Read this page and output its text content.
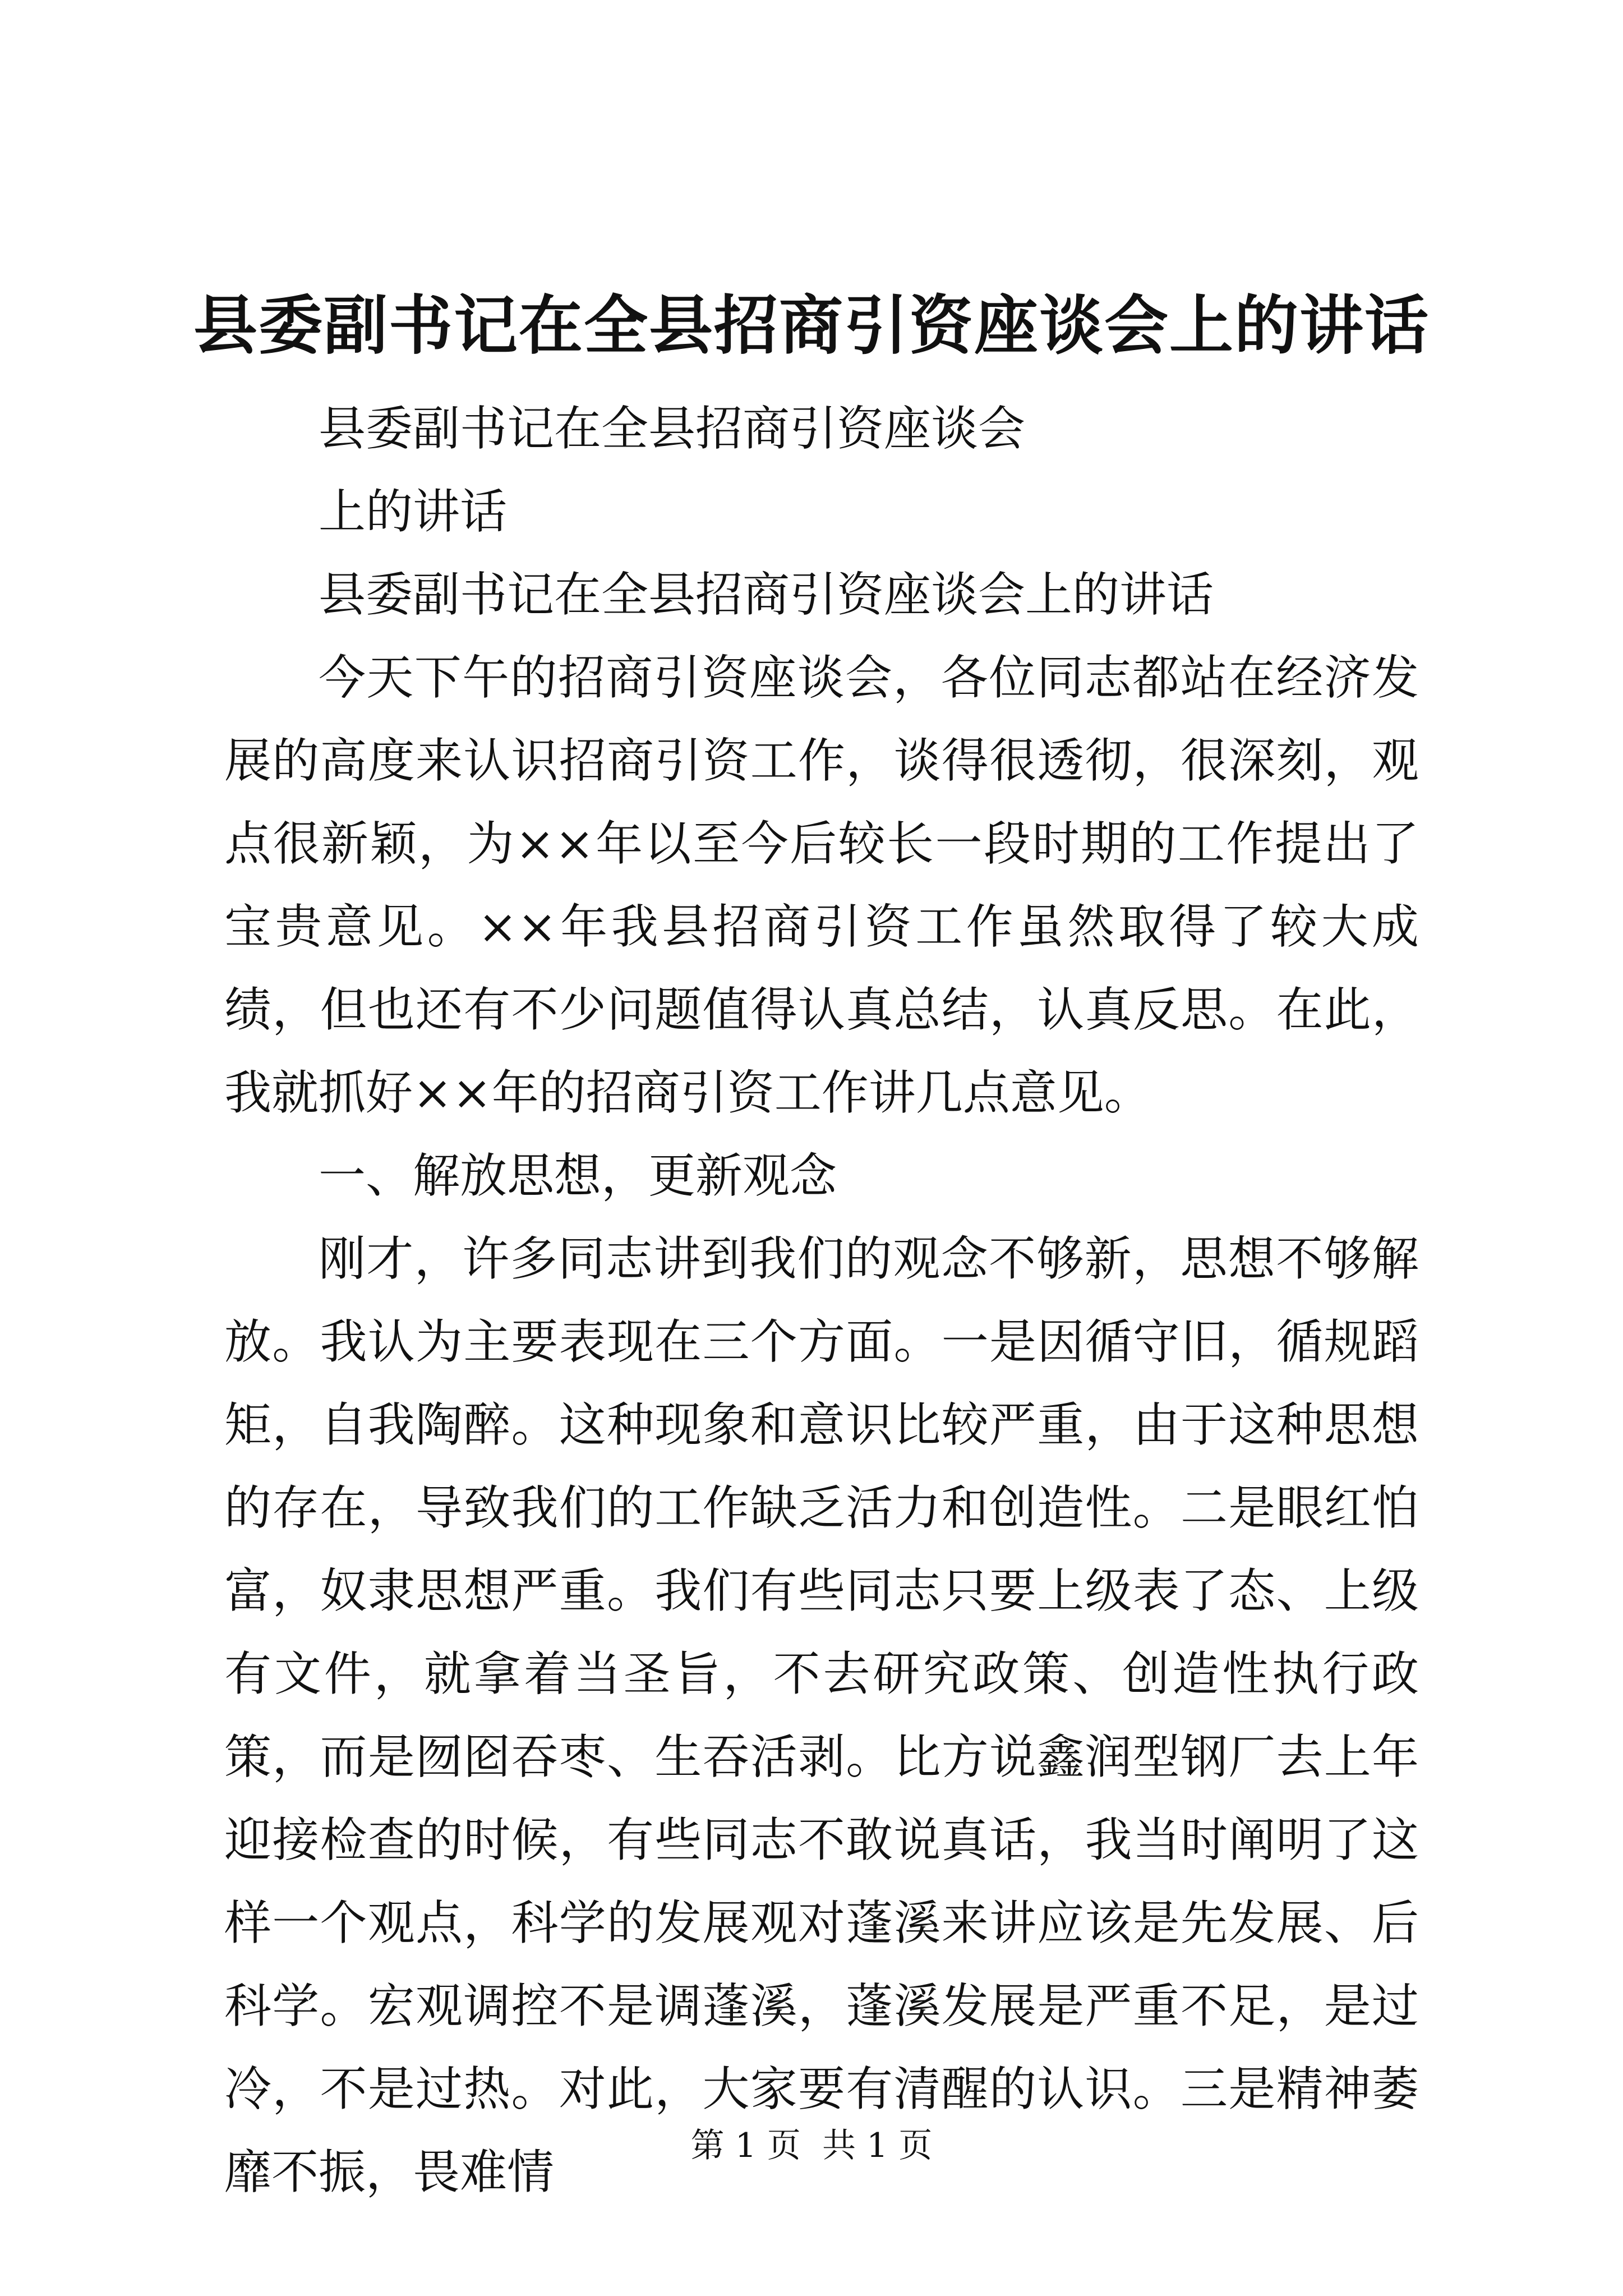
县委副书记在全县招商引资座谈会上的讲话

县委副书记在全县招商引资座谈会

上的讲话

县委副书记在全县招商引资座谈会上的讲话

今天下午的招商引资座谈会，各位同志都站在经济发展的高度来认识招商引资工作，谈得很透彻，很深刻，观点很新颖，为××年以至今后较长一段时期的工作提出了宝贵意见。××年我县招商引资工作虽然取得了较大成绩，但也还有不少问题值得认真总结，认真反思。在此，我就抓好××年的招商引资工作讲几点意见。

一、解放思想，更新观念

刚才，许多同志讲到我们的观念不够新，思想不够解放。我认为主要表现在三个方面。一是因循守旧，循规蹈矩，自我陶醉。这种现象和意识比较严重，由于这种思想的存在，导致我们的工作缺乏活力和创造性。二是眼红怕富，奴隶思想严重。我们有些同志只要上级表了态、上级有文件，就拿着当圣旨，不去研究政策、创造性执行政策，而是囫囵吞枣、生吞活剥。比方说鑫润型钢厂去上年迎接检查的时候，有些同志不敢说真话，我当时阐明了这样一个观点，科学的发展观对蓬溪来讲应该是先发展、后科学。宏观调控不是调蓬溪，蓬溪发展是严重不足，是过冷，不是过热。对此，大家要有清醒的认识。三是精神萎靡不振，畏难情	第 1 页  共 1 页
